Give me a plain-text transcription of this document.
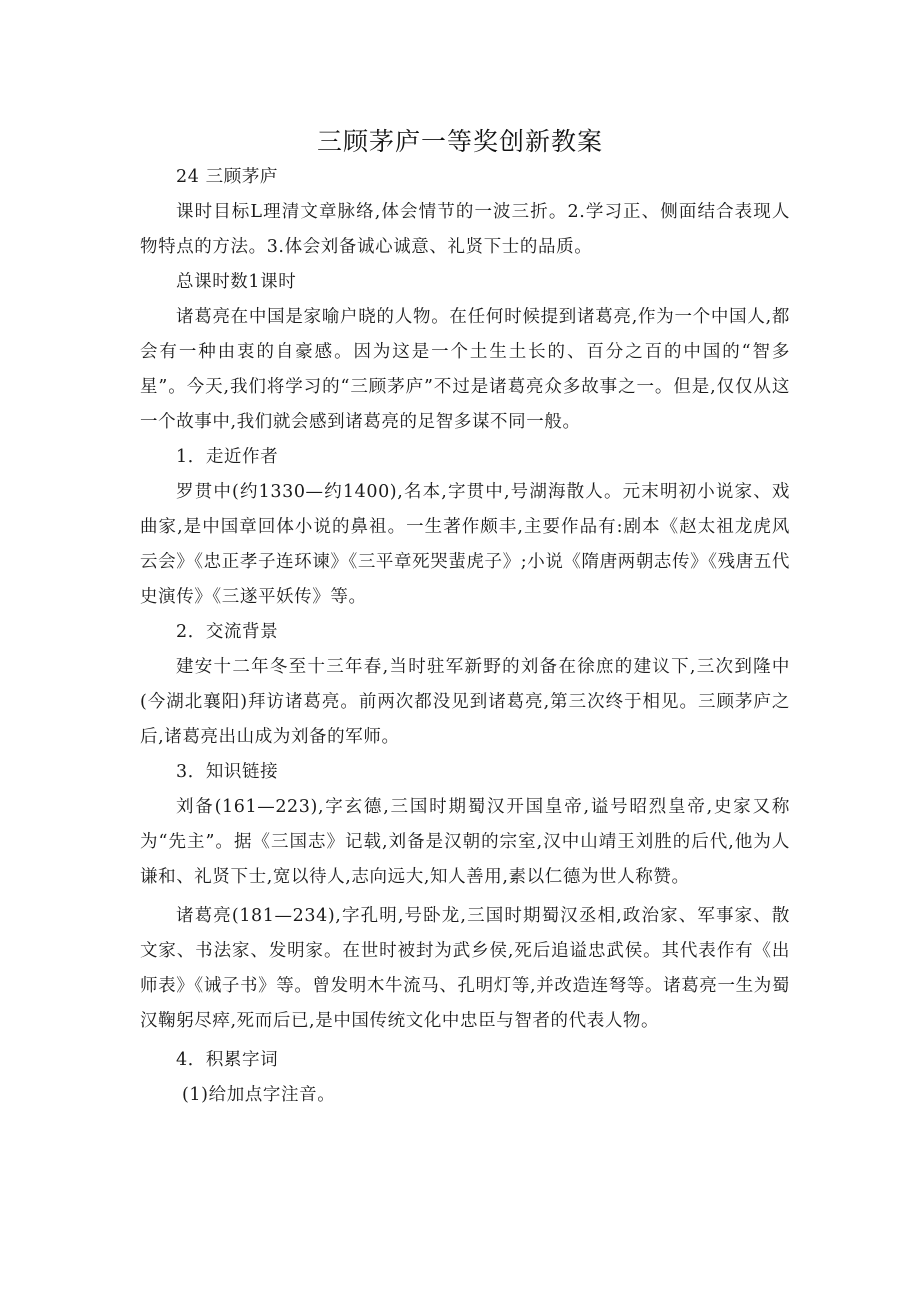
三顾茅庐一等奖创新教案

24 三顾茅庐

课时目标L理清文章脉络,体会情节的一波三折。2.学习正、侧面结合表现人物特点的方法。3.体会刘备诚心诚意、礼贤下士的品质。

总课时数1课时

诸葛亮在中国是家喻户晓的人物。在任何时候提到诸葛亮,作为一个中国人,都会有一种由衷的自豪感。因为这是一个土生土长的、百分之百的中国的“智多星”。今天,我们将学习的“三顾茅庐”不过是诸葛亮众多故事之一。但是,仅仅从这一个故事中,我们就会感到诸葛亮的足智多谋不同一般。

1．走近作者

罗贯中(约1330—约1400),名本,字贯中,号湖海散人。元末明初小说家、戏曲家,是中国章回体小说的鼻祖。一生著作颇丰,主要作品有:剧本《赵太祖龙虎风云会》《忠正孝子连环谏》《三平章死哭蜚虎子》;小说《隋唐两朝志传》《残唐五代史演传》《三遂平妖传》等。

2．交流背景

建安十二年冬至十三年春,当时驻军新野的刘备在徐庶的建议下,三次到隆中(今湖北襄阳)拜访诸葛亮。前两次都没见到诸葛亮,第三次终于相见。三顾茅庐之后,诸葛亮出山成为刘备的军师。

3．知识链接

刘备(161—223),字玄德,三国时期蜀汉开国皇帝,谥号昭烈皇帝,史家又称为“先主”。据《三国志》记载,刘备是汉朝的宗室,汉中山靖王刘胜的后代,他为人谦和、礼贤下士,宽以待人,志向远大,知人善用,素以仁德为世人称赞。

诸葛亮(181—234),字孔明,号卧龙,三国时期蜀汉丞相,政治家、军事家、散文家、书法家、发明家。在世时被封为武乡侯,死后追谥忠武侯。其代表作有《出师表》《诫子书》等。曾发明木牛流马、孔明灯等,并改造连弩等。诸葛亮一生为蜀汉鞠躬尽瘁,死而后已,是中国传统文化中忠臣与智者的代表人物。

4．积累字词

(1)给加点字注音。
